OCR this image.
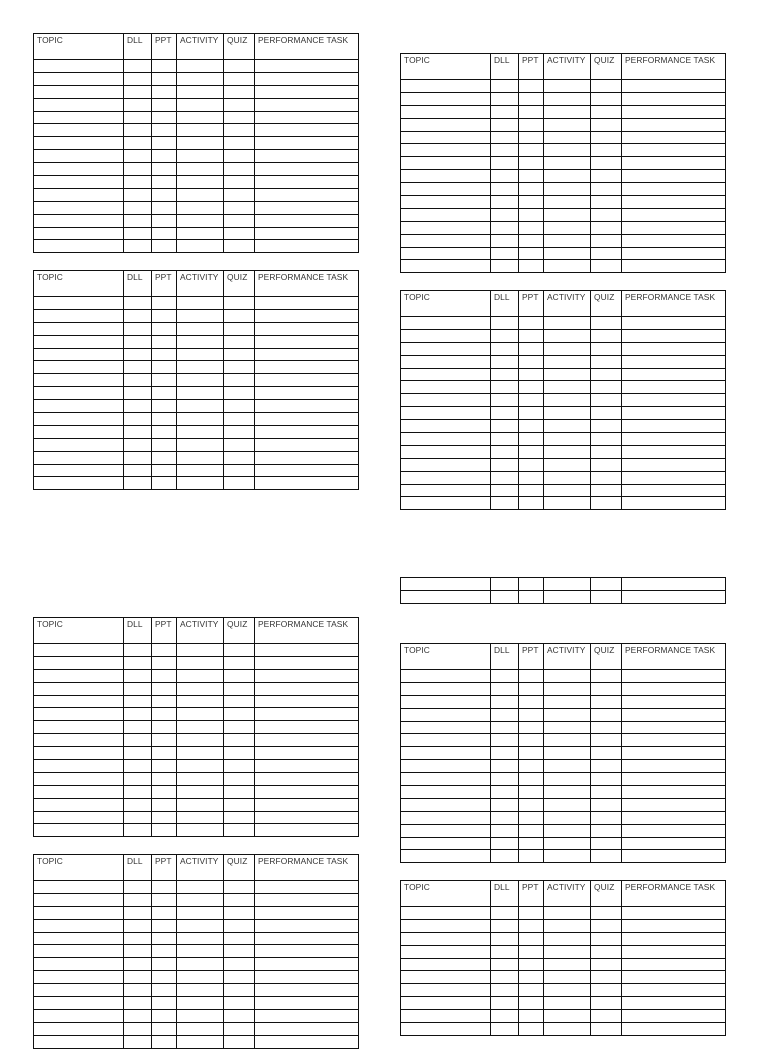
TOPIC	DLL	PPT	ACTIVITY	QUIZ	PERFORMANCE TASK

TOPIC	DLL	PPT	ACTIVITY	QUIZ	PERFORMANCE TASK

TOPIC	DLL	PPT	ACTIVITY	QUIZ	PERFORMANCE TASK

TOPIC	DLL	PPT	ACTIVITY	QUIZ	PERFORMANCE TASK

TOPIC	DLL	PPT	ACTIVITY	QUIZ	PERFORMANCE TASK

TOPIC	DLL	PPT	ACTIVITY	QUIZ	PERFORMANCE TASK

TOPIC	DLL	PPT	ACTIVITY	QUIZ	PERFORMANCE TASK

TOPIC	DLL	PPT	ACTIVITY	QUIZ	PERFORMANCE TASK
